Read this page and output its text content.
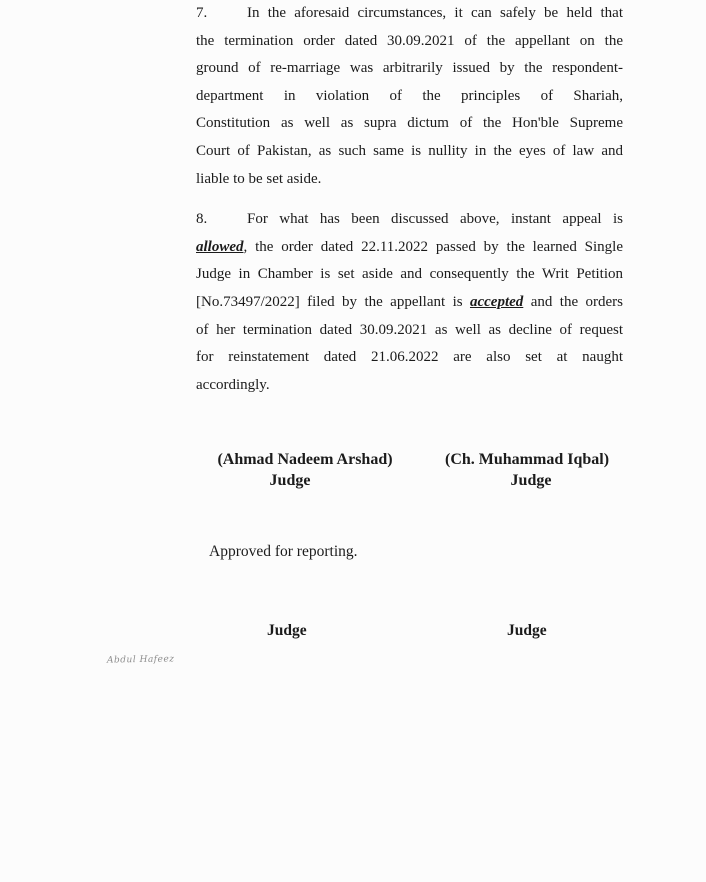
7.	In the aforesaid circumstances, it can safely be held that
the termination order dated 30.09.2021 of the appellant on the
ground of re-marriage was arbitrarily issued by the respondent-
department in violation of the principles of Shariah,
Constitution as well as supra dictum of the Hon'ble Supreme
Court of Pakistan, as such same is nullity in the eyes of law and
liable to be set aside.
8.	For what has been discussed above, instant appeal is
allowed, the order dated 22.11.2022 passed by the learned Single
Judge in Chamber is set aside and consequently the Writ Petition
[No.73497/2022] filed by the appellant is accepted and the orders
of her termination dated 30.09.2021 as well as decline of request
for reinstatement dated 21.06.2022 are also set at naught
accordingly.
(Ahmad Nadeem Arshad)
Judge
(Ch. Muhammad Iqbal)
Judge
Approved for reporting.
Judge	Judge
Abdul Hafeez
